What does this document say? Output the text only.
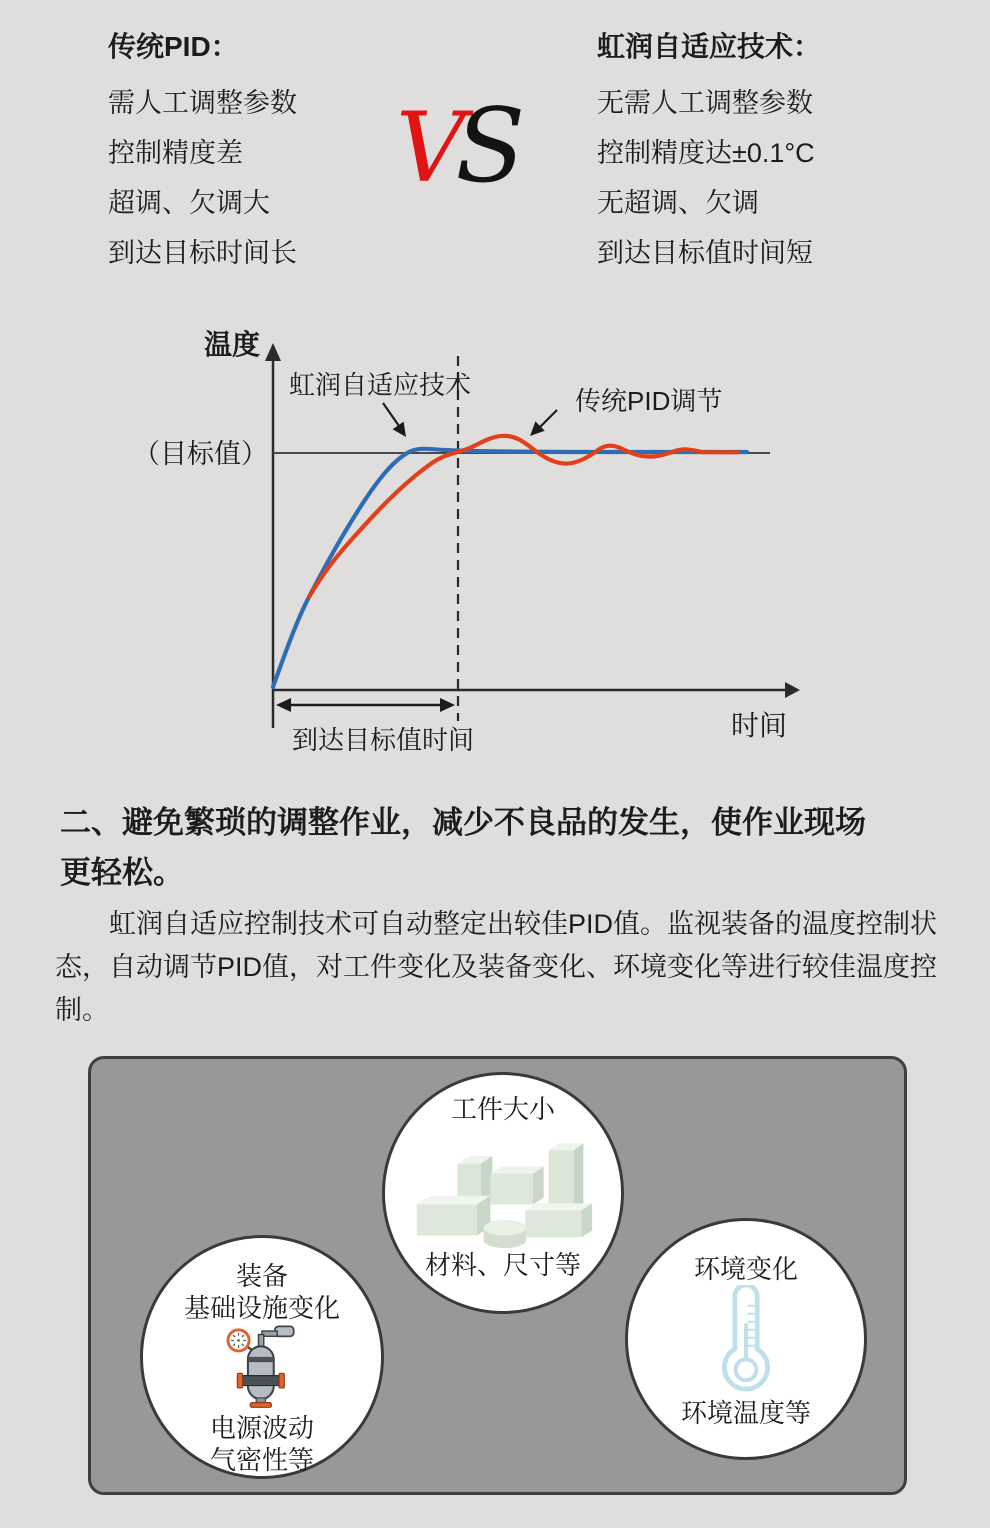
传统PID：
需人工调整参数
控制精度差
超调、欠调大
到达目标时间长
VS
虹润自适应技术：
无需人工调整参数
控制精度达±0.1°C
无超调、欠调
到达目标值时间短
温度
（目标值）
虹润自适应技术
传统PID调节
到达目标值时间	时间
二、避免繁琐的调整作业，减少不良品的发生，使作业现场
更轻松。
虹润自适应控制技术可自动整定出较佳PID值。监视装备的温度控制状态，自动调节PID值，对工件变化及装备变化、环境变化等进行较佳温度控制。
工件大小
材料、尺寸等
装备
基础设施变化
电源波动
气密性等
环境变化
环境温度等
